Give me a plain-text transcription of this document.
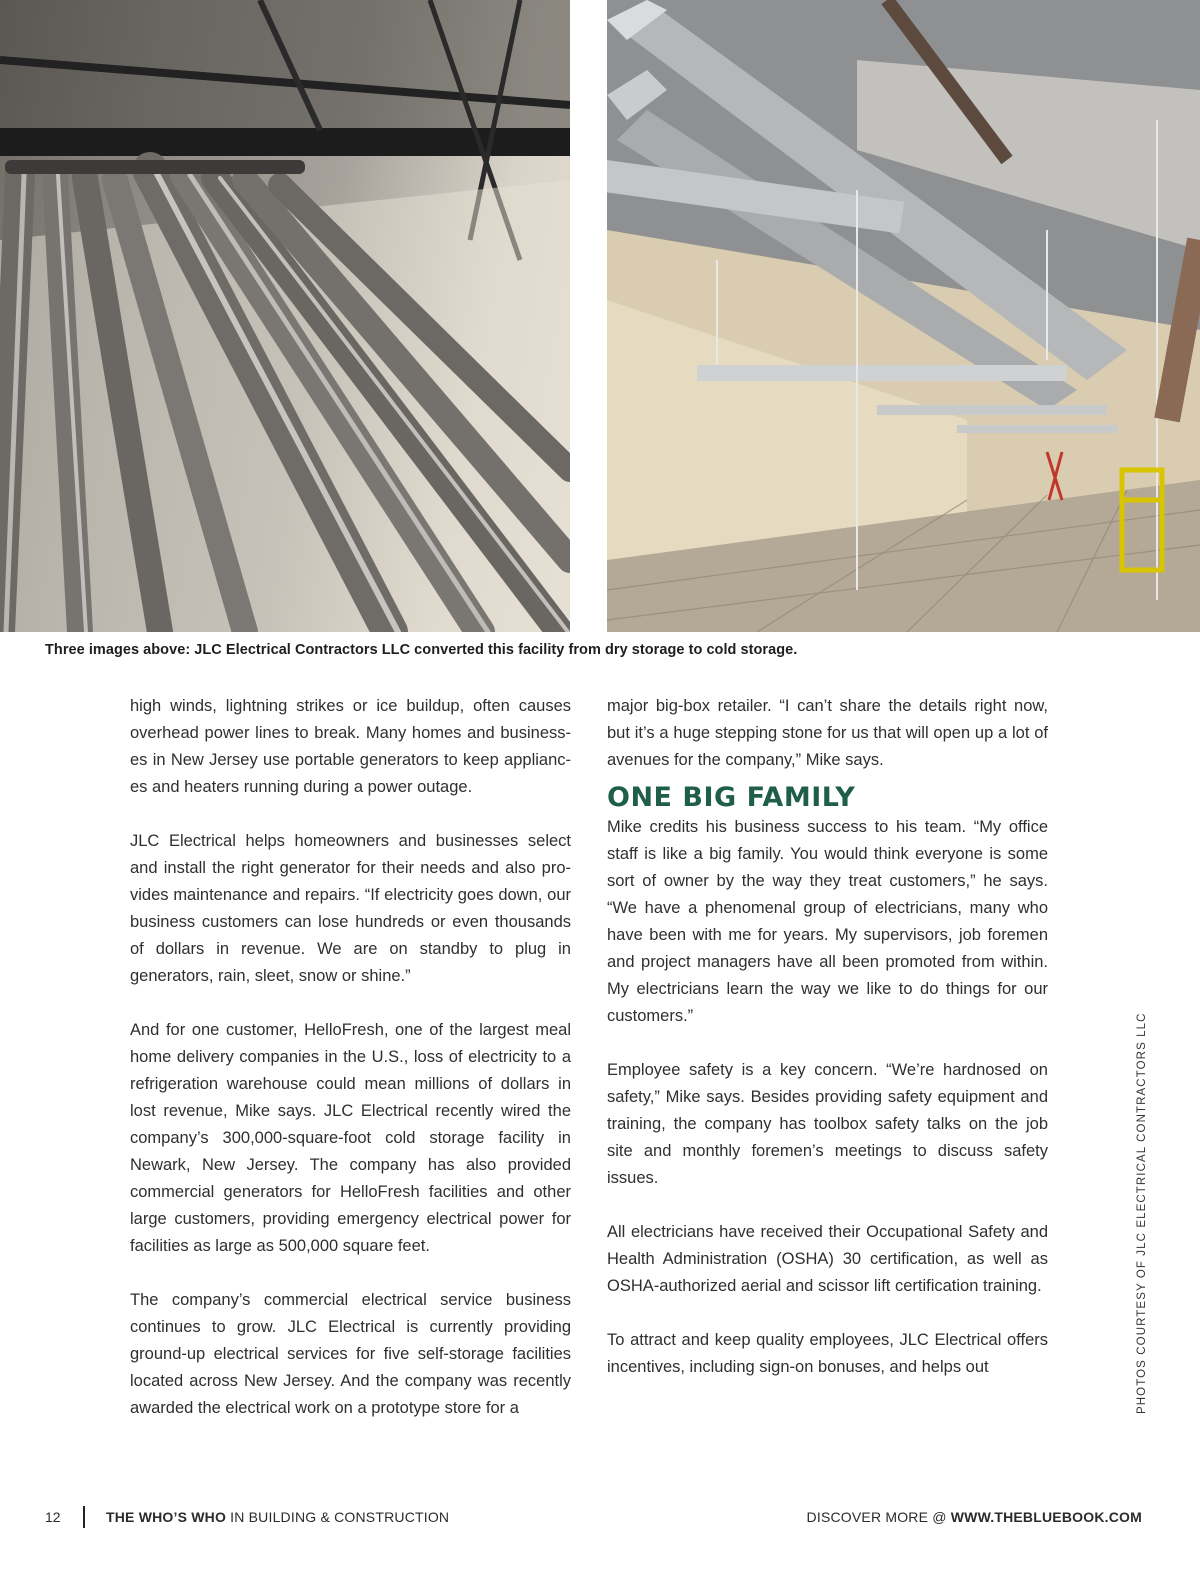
Three images above: JLC Electrical Contractors LLC converted this facility from dry storage to cold storage.

high winds, lightning strikes or ice buildup, often causes overhead power lines to break. Many homes and businesses in New Jersey use portable generators to keep appliances and heaters running during a power outage.

JLC Electrical helps homeowners and businesses select and install the right generator for their needs and also provides maintenance and repairs. “If electricity goes down, our business customers can lose hundreds or even thousands of dollars in revenue. We are on standby to plug in generators, rain, sleet, snow or shine.”

And for one customer, HelloFresh, one of the largest meal home delivery companies in the U.S., loss of electricity to a refrigeration warehouse could mean millions of dollars in lost revenue, Mike says. JLC Electrical recently wired the company’s 300,000-square-foot cold storage facility in Newark, New Jersey. The company has also provided commercial generators for HelloFresh facilities and other large customers, providing emergency electrical power for facilities as large as 500,000 square feet.

The company’s commercial electrical service business continues to grow. JLC Electrical is currently providing ground-up electrical services for five self-storage facilities located across New Jersey. And the company was recently awarded the electrical work on a prototype store for a

major big-box retailer. “I can’t share the details right now, but it’s a huge stepping stone for us that will open up a lot of avenues for the company,” Mike says.

ONE BIG FAMILY

Mike credits his business success to his team. “My office staff is like a big family. You would think everyone is some sort of owner by the way they treat customers,” he says. “We have a phenomenal group of electricians, many who have been with me for years. My supervisors, job foremen and project managers have all been promoted from within. My electricians learn the way we like to do things for our customers.”

Employee safety is a key concern. “We’re hardnosed on safety,” Mike says. Besides providing safety equipment and training, the company has toolbox safety talks on the job site and monthly foremen’s meetings to discuss safety issues.

All electricians have received their Occupational Safety and Health Administration (OSHA) 30 certification, as well as OSHA-authorized aerial and scissor lift certification training.

To attract and keep quality employees, JLC Electrical offers incentives, including sign-on bonuses, and helps out	PHOTOS COURTESY OF JLC ELECTRICAL CONTRACTORS LLC
12	THE WHO’S WHO IN BUILDING & CONSTRUCTION	DISCOVER MORE @ WWW.THEBLUEBOOK.COM
